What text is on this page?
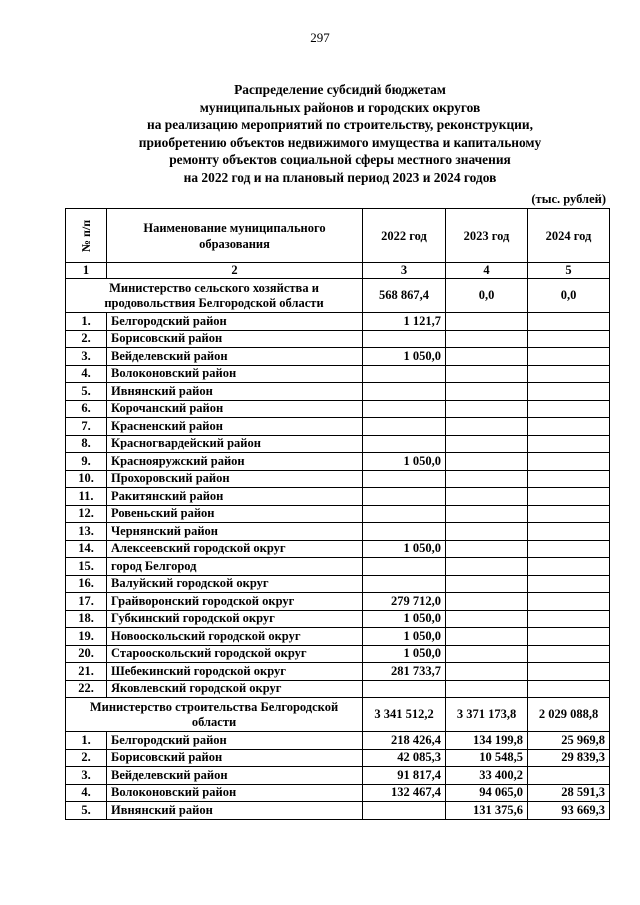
297
Распределение субсидий бюджетам
муниципальных районов и городских округов
на реализацию мероприятий по строительству, реконструкции,
приобретению объектов недвижимого имущества и капитальному
ремонту объектов социальной сферы местного значения
на 2022 год и на плановый период 2023 и 2024 годов
(тыс. рублей)
№ п/п	Наименование муниципального образования	2022 год	2023 год	2024 год
1	2	3	4	5
Министерство сельского хозяйства и продовольствия Белгородской области		568 867,4	0,0	0,0
1.	Белгородский район	1 121,7		
2.	Борисовский район			
3.	Вейделевский район	1 050,0		
4.	Волоконовский район			
5.	Ивнянский район			
6.	Корочанский район			
7.	Красненский район			
8.	Красногвардейский район			
9.	Краснояружский район	1 050,0		
10.	Прохоровский район			
11.	Ракитянский район			
12.	Ровеньский район			
13.	Чернянский район			
14.	Алексеевский городской округ	1 050,0		
15.	город Белгород			
16.	Валуйский городской округ			
17.	Грайворонский городской округ	279 712,0		
18.	Губкинский городской округ	1 050,0		
19.	Новооскольский городской округ	1 050,0		
20.	Старооскольский городской округ	1 050,0		
21.	Шебекинский городской округ	281 733,7		
22.	Яковлевский городской округ			
Министерство строительства Белгородской области		3 341 512,2	3 371 173,8	2 029 088,8
1.	Белгородский район	218 426,4	134 199,8	25 969,8
2.	Борисовский район	42 085,3	10 548,5	29 839,3
3.	Вейделевский район	91 817,4	33 400,2	
4.	Волоконовский район	132 467,4	94 065,0	28 591,3
5.	Ивнянский район		131 375,6	93 669,3
